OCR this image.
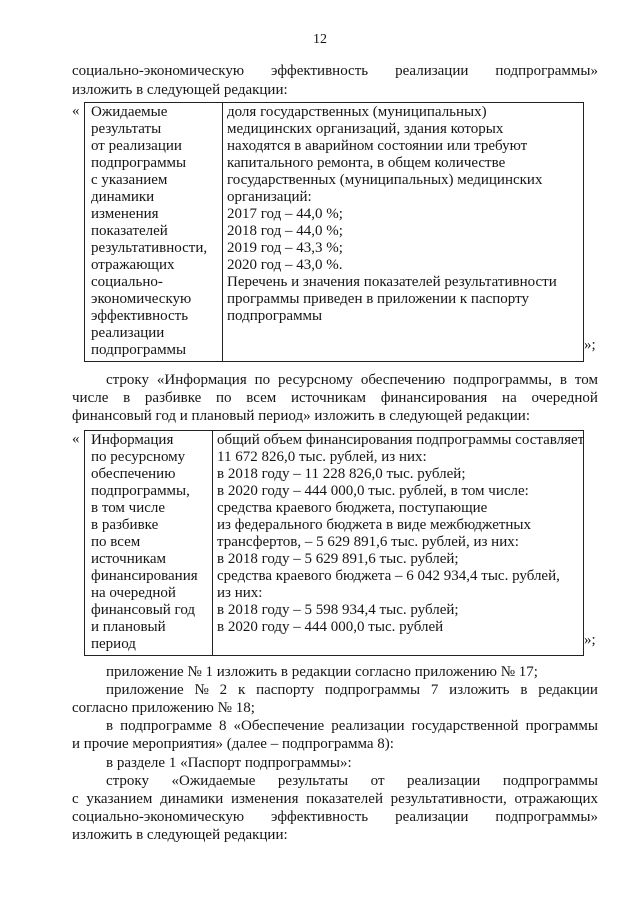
12
социально-экономическую эффективность реализации подпрограммы»
изложить в следующей редакции:
« Ожидаемые
результаты
от реализации
подпрограммы
с указанием
динамики
изменения
показателей
результативности,
отражающих
социально-
экономическую
эффективность
реализации
подпрограммы
доля государственных (муниципальных)
медицинских организаций, здания которых
находятся в аварийном состоянии или требуют
капитального ремонта, в общем количестве
государственных (муниципальных) медицинских
организаций:
2017 год – 44,0 %;
2018 год – 44,0 %;
2019 год – 43,3 %;
2020 год – 43,0 %.
Перечень и значения показателей результативности
программы приведен в приложении к паспорту
подпрограммы
»;
строку «Информация по ресурсному обеспечению подпрограммы, в том
числе в разбивке по всем источникам финансирования на очередной
финансовый год и плановый период» изложить в следующей редакции:
« Информация
по ресурсному
обеспечению
подпрограммы,
в том числе
в разбивке
по всем
источникам
финансирования
на очередной
финансовый год
и плановый
период
общий объем финансирования подпрограммы составляет
11 672 826,0 тыс. рублей, из них:
в 2018 году – 11 228 826,0 тыс. рублей;
в 2020 году – 444 000,0 тыс. рублей, в том числе:
средства краевого бюджета, поступающие
из федерального бюджета в виде межбюджетных
трансфертов, – 5 629 891,6 тыс. рублей, из них:
в 2018 году – 5 629 891,6 тыс. рублей;
средства краевого бюджета – 6 042 934,4 тыс. рублей,
из них:
в 2018 году – 5 598 934,4 тыс. рублей;
в 2020 году – 444 000,0 тыс. рублей
»;
приложение № 1 изложить в редакции согласно приложению № 17;
приложение № 2 к паспорту подпрограммы 7 изложить в редакции
согласно приложению № 18;
в подпрограмме 8 «Обеспечение реализации государственной программы
и прочие мероприятия» (далее – подпрограмма 8):
в разделе 1 «Паспорт подпрограммы»:
строку «Ожидаемые результаты от реализации подпрограммы
с указанием динамики изменения показателей результативности, отражающих
социально-экономическую эффективность реализации подпрограммы»
изложить в следующей редакции:
